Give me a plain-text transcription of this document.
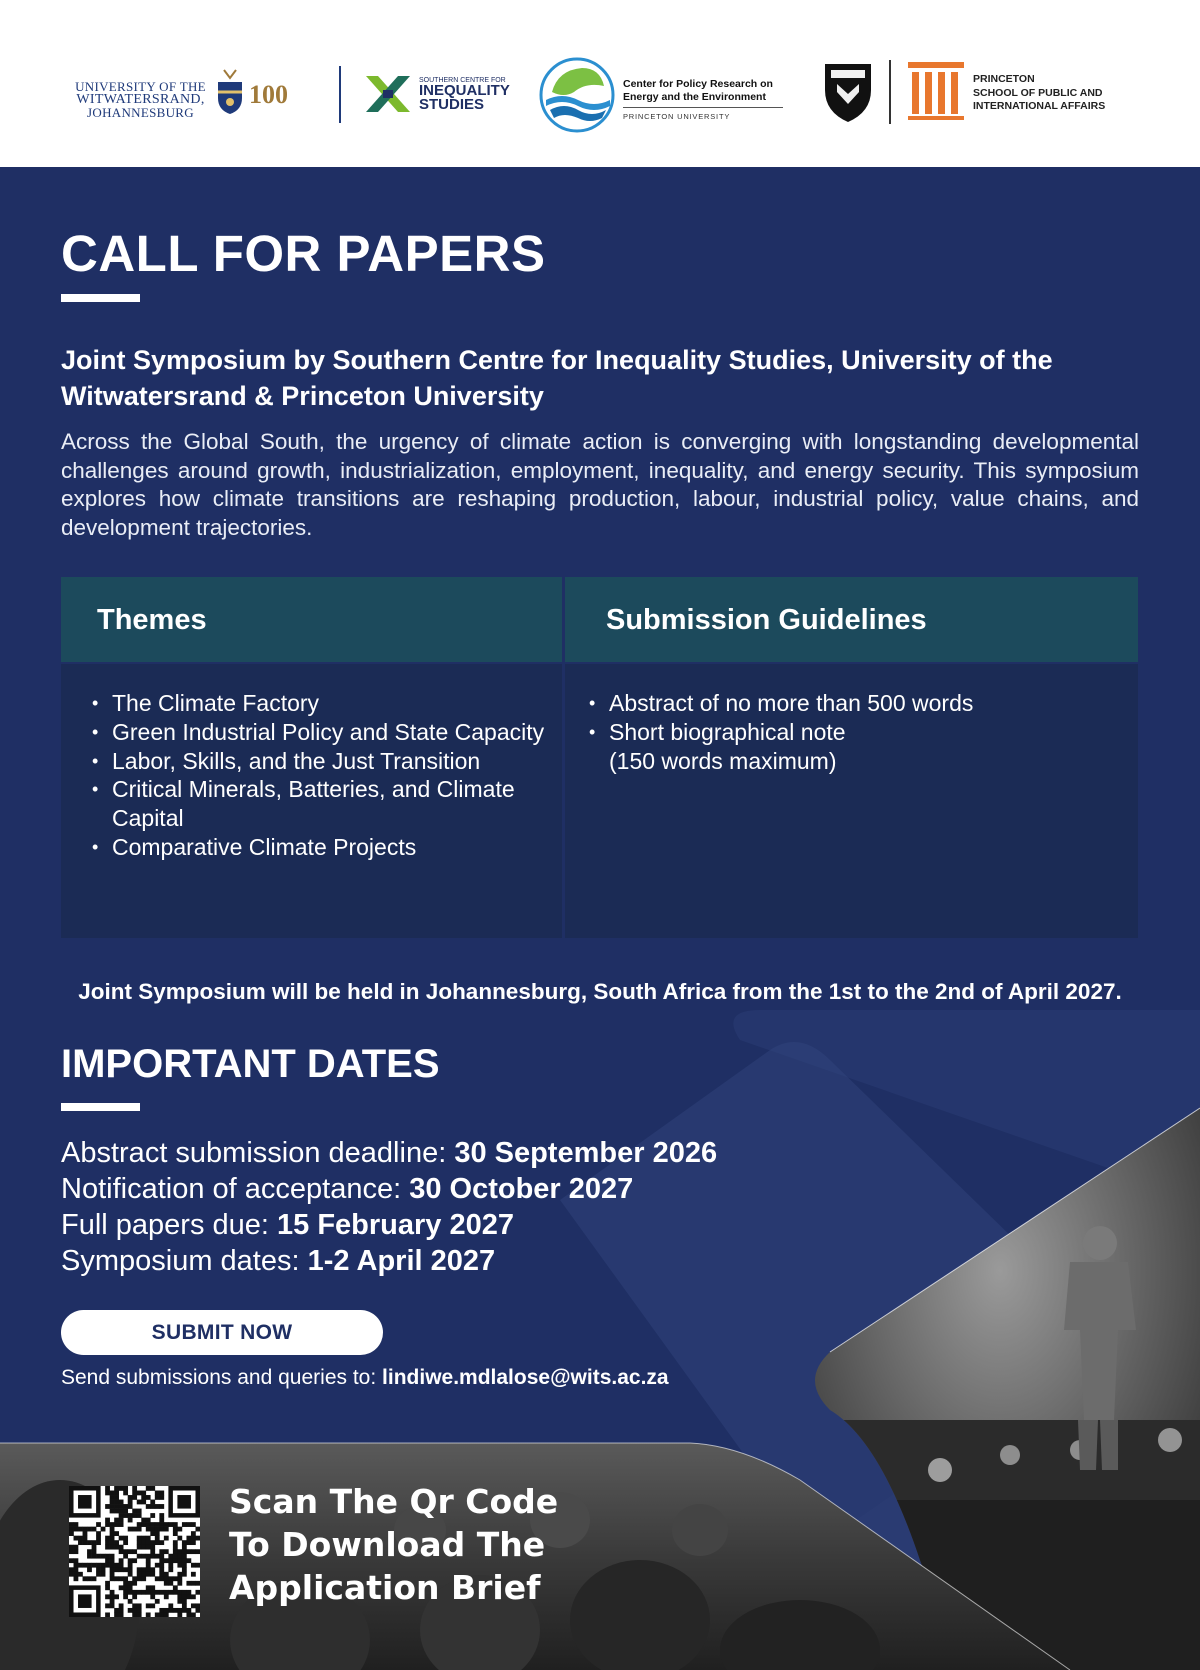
UNIVERSITY OF THE
WITWATERSRAND,
JOHANNESBURG
100	SOUTHERN CENTRE FOR
INEQUALITY
STUDIES
Center for Policy Research on
Energy and the Environment
PRINCETON UNIVERSITY
PRINCETON
SCHOOL OF PUBLIC AND
INTERNATIONAL AFFAIRS
CALL FOR PAPERS
Joint Symposium by Southern Centre for Inequality Studies, University of the Witwatersrand & Princeton University

Across the Global South, the urgency of climate action is converging with longstanding developmental challenges around growth, industrialization, employment, inequality, and energy security. This symposium explores how climate transitions are reshaping production, labour, industrial policy, value chains, and development trajectories.

Themes
• The Climate Factory
• Green Industrial Policy and State Capacity
• Labor, Skills, and the Just Transition
• Critical Minerals, Batteries, and Climate Capital
• Comparative Climate Projects
Submission Guidelines
• Abstract of no more than 500 words
• Short biographical note (150 words maximum)

Joint Symposium will be held in Johannesburg, South Africa from the 1st to the 2nd of April 2027.

IMPORTANT DATES

Abstract submission deadline: 30 September 2026

Notification of acceptance: 30 October 2027

Full papers due: 15 February 2027

Symposium dates: 1-2 April 2027

SUBMIT NOW

Send submissions and queries to: lindiwe.mdlalose@wits.ac.za

Scan The Qr Code
To Download The
Application Brief
